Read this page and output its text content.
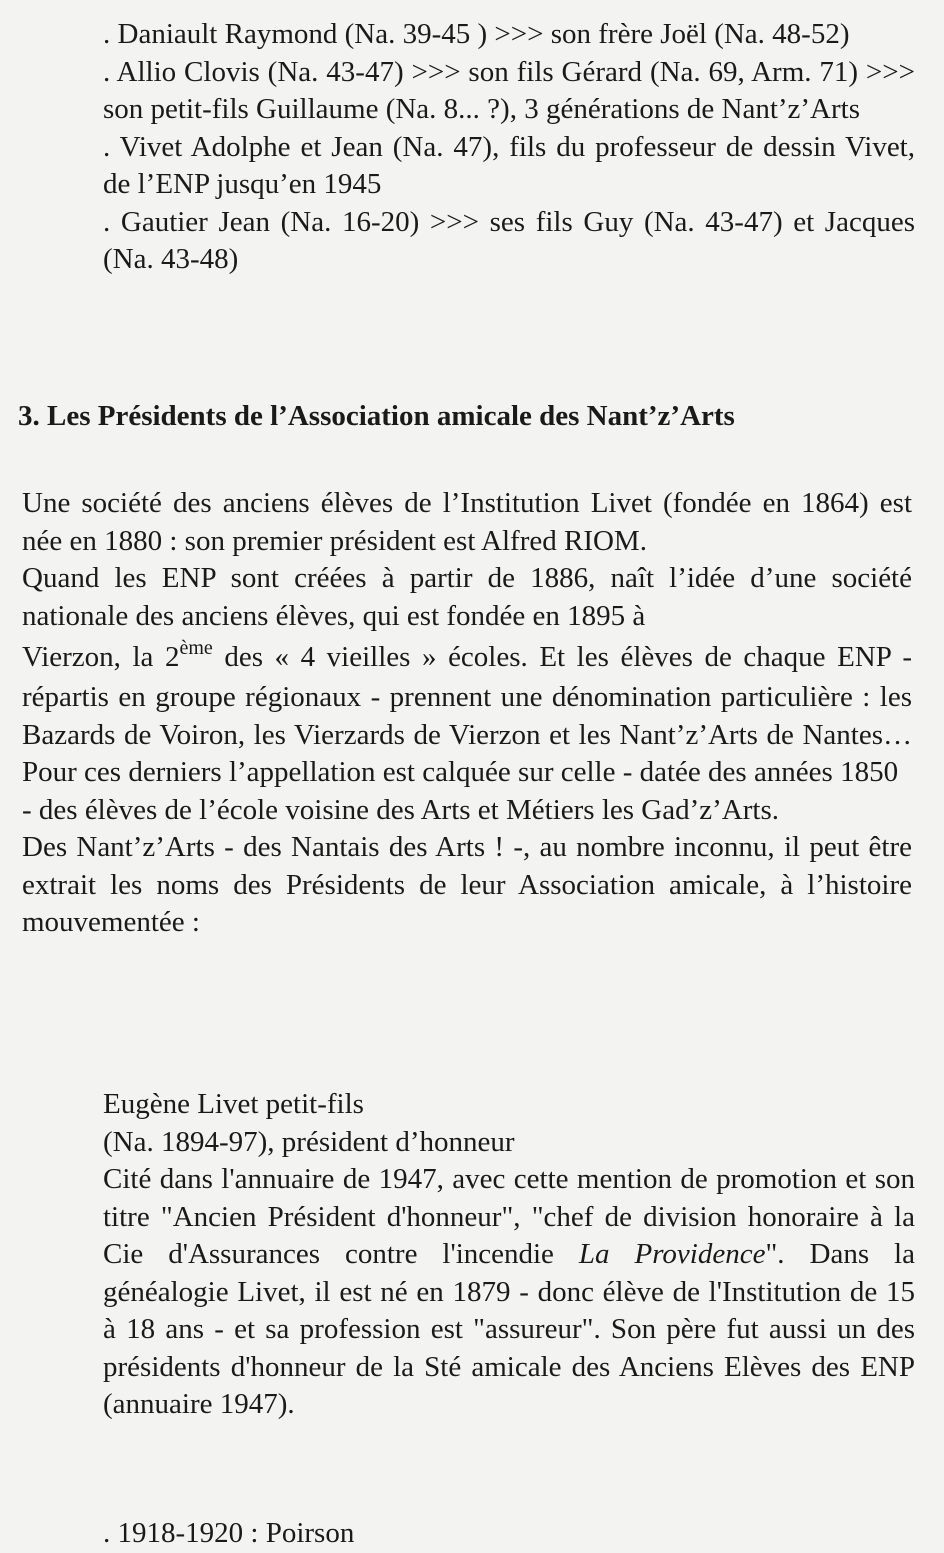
. Daniault Raymond (Na. 39-45 ) >>> son frère Joël (Na. 48-52)

. Allio Clovis (Na. 43-47) >>> son fils Gérard (Na. 69, Arm. 71) >>> son petit-fils Guillaume (Na. 8... ?), 3 générations de Nant’z’Arts

. Vivet Adolphe et Jean (Na. 47), fils du professeur de dessin Vivet, de l’ENP jusqu’en 1945

. Gautier Jean (Na. 16-20) >>> ses fils Guy (Na. 43-47) et Jacques (Na. 43-48)

3. Les Présidents de l’Association amicale des Nant’z’Arts

Une société des anciens élèves de l’Institution Livet (fondée en 1864) est née en 1880 : son premier président est Alfred RIOM.

Quand les ENP sont créées à partir de 1886, naît l’idée d’une société nationale des anciens élèves, qui est fondée en 1895 à

Vierzon, la 2ème des « 4 vieilles » écoles. Et les élèves de chaque ENP - répartis en groupe régionaux - prennent une dénomination particulière : les Bazards de Voiron, les Vierzards de Vierzon et les Nant’z’Arts de Nantes… Pour ces derniers l’appellation est calquée sur celle - datée des années 1850

- des élèves de l’école voisine des Arts et Métiers les Gad’z’Arts.

Des Nant’z’Arts - des Nantais des Arts ! -, au nombre inconnu, il peut être extrait les noms des Présidents de leur Association amicale, à l’histoire mouvementée :

Eugène Livet petit-fils

(Na. 1894-97), président d’honneur

Cité dans l'annuaire de 1947, avec cette mention de promotion et son titre "Ancien Président d'honneur", "chef de division honoraire à la Cie d'Assurances contre l'incendie La Providence". Dans la généalogie Livet, il est né en 1879 - donc élève de l'Institution de 15 à 18 ans - et sa profession est "assureur". Son père fut aussi un des présidents d'honneur de la Sté amicale des Anciens Elèves des ENP (annuaire 1947).

. 1918-1920 : Poirson
